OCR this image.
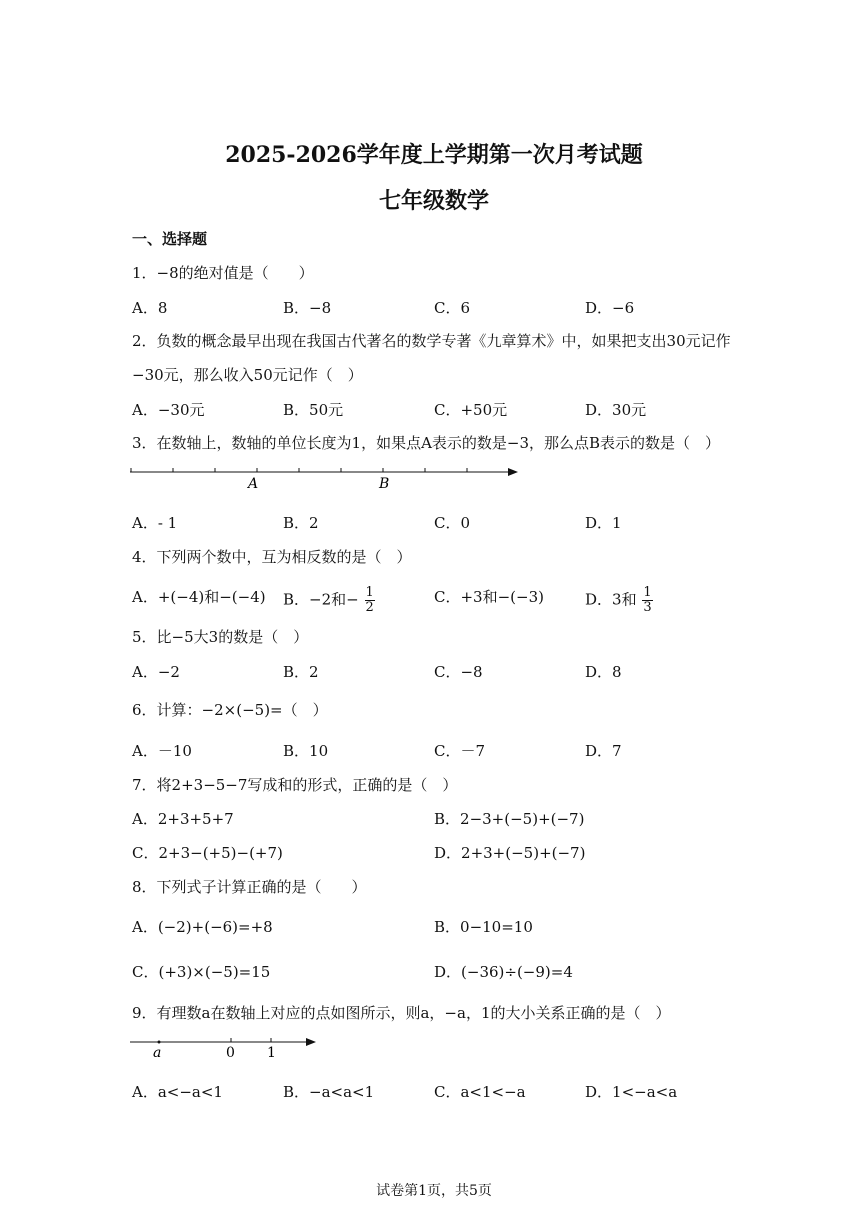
2025-2026学年度上学期第一次月考试题
七年级数学
一、选择题
1．−8的绝对值是（　　）
A．8	B．−8	C．6	D．−6
2．负数的概念最早出现在我国古代著名的数学专著《九章算术》中，如果把支出30元记作
−30元，那么收入50元记作（　）
A．−30元	B．50元	C．+50元	D．30元
3．在数轴上，数轴的单位长度为1，如果点A表示的数是−3，那么点B表示的数是（　）
A	B
A．- 1	B．2	C．0	D．1
4．下列两个数中，互为相反数的是（　）
A．+(−4)和−(−4) B．−2和− $\frac{1}{2}$	C．+3和−(−3)	D．3和 $\frac{1}{3}$
5．比−5大3的数是（　）
A．−2	B．2	C．−8	D．8
6．计算：−2×(−5)=（　）
A．－10	B．10	C．－7	D．7
7．将2+3−5−7写成和的形式，正确的是（　）
A．2+3+5+7	B．2−3+(−5)+(−7)
C．2+3−(+5)−(+7)	D．2+3+(−5)+(−7)
8．下列式子计算正确的是（　　）
A．(−2)+(−6)=+8	B．0−10=10
C．(+3)×(−5)=15	D．(−36)÷(−9)=4
9．有理数a在数轴上对应的点如图所示，则a，−a，1的大小关系正确的是（　）
a	0 1
A．a<−a<1	B．−a<a<1	C．a<1<−a	D．1<−a<a
试卷第1页，共5页
